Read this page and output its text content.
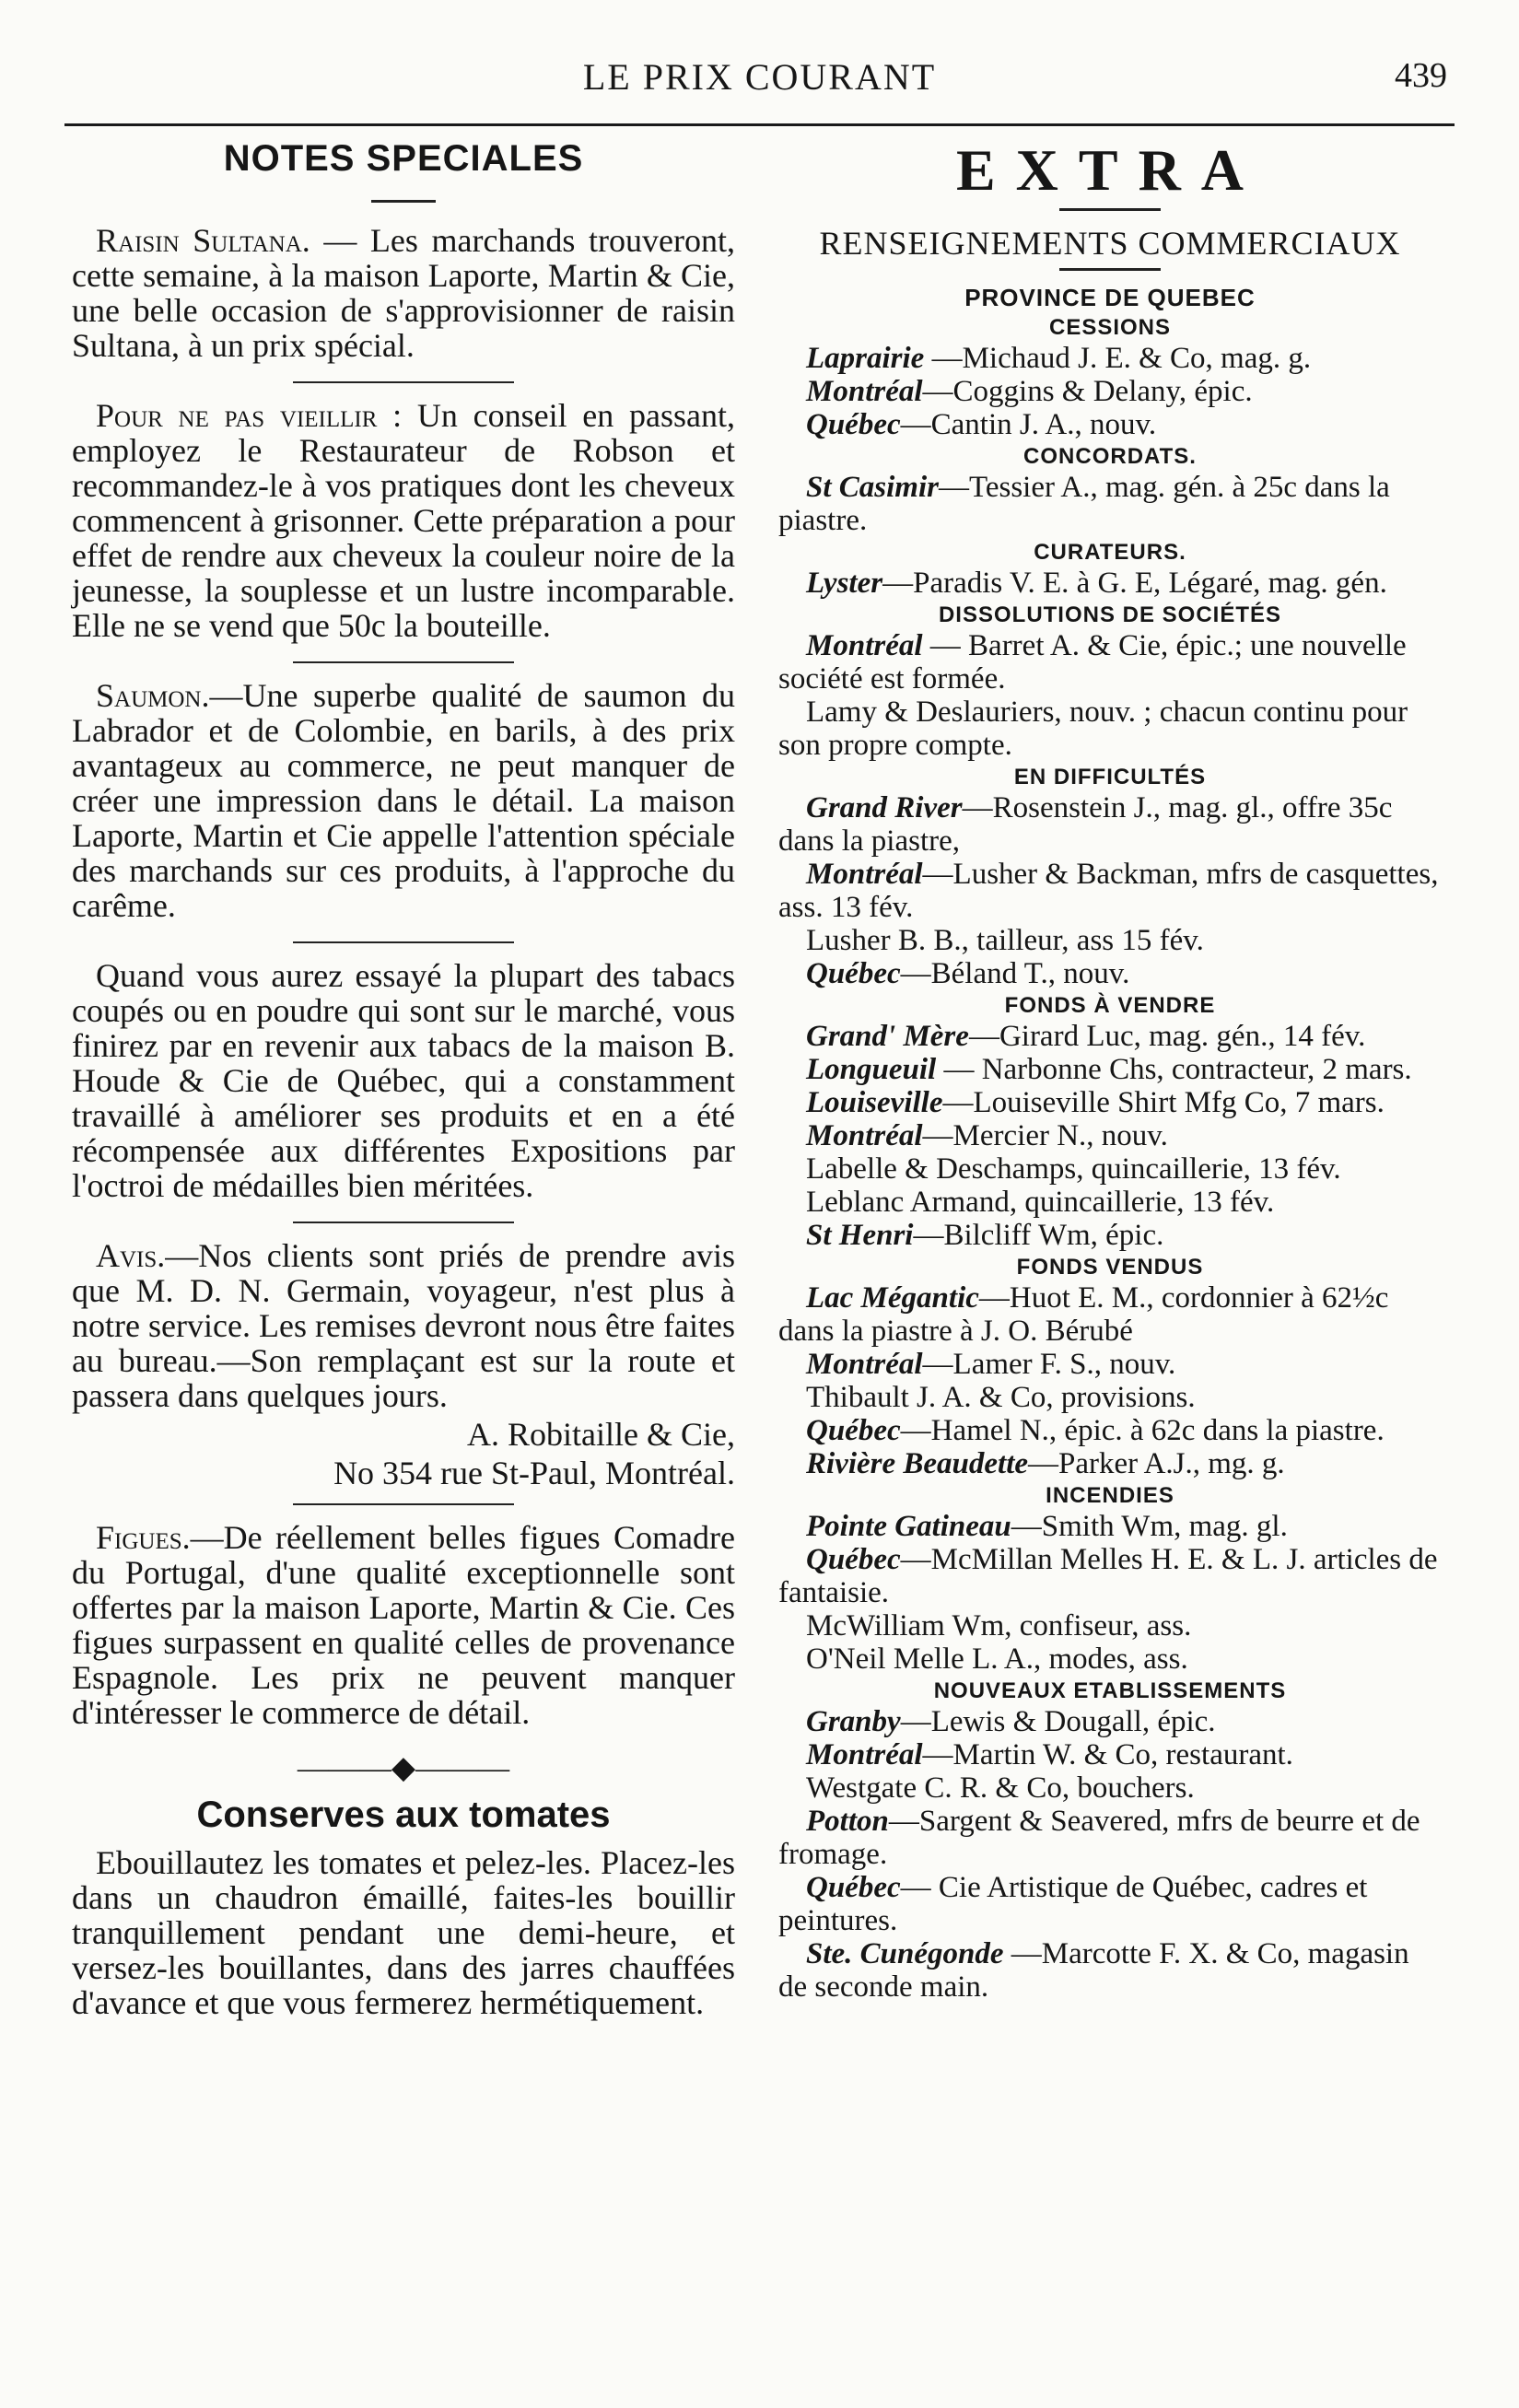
LE PRIX COURANT	439
NOTES SPECIALES

Raisin Sultana. — Les marchands trouveront, cette semaine, à la maison Laporte, Martin & Cie, une belle occasion de s'approvisionner de raisin Sultana, à un prix spécial.

Pour ne pas vieillir : Un conseil en passant, employez le Restaurateur de Robson et recommandez-le à vos pratiques dont les cheveux commencent à grisonner. Cette préparation a pour effet de rendre aux cheveux la couleur noire de la jeunesse, la souplesse et un lustre incomparable. Elle ne se vend que 50c la bouteille.

Saumon.—Une superbe qualité de saumon du Labrador et de Colombie, en barils, à des prix avantageux au commerce, ne peut manquer de créer une impression dans le détail. La maison Laporte, Martin et Cie appelle l'attention spéciale des marchands sur ces produits, à l'approche du carême.

Quand vous aurez essayé la plupart des tabacs coupés ou en poudre qui sont sur le marché, vous finirez par en revenir aux tabacs de la maison B. Houde & Cie de Québec, qui a constamment travaillé à améliorer ses produits et en a été récompensée aux différentes Expositions par l'octroi de médailles bien méritées.

Avis.—Nos clients sont priés de prendre avis que M. D. N. Germain, voyageur, n'est plus à notre service. Les remises devront nous être faites au bureau.—Son remplaçant est sur la route et passera dans quelques jours.

A. Robitaille & Cie,
No 354 rue St-Paul, Montréal.

Figues.—De réellement belles figues Comadre du Portugal, d'une qualité exceptionnelle sont offertes par la maison Laporte, Martin & Cie. Ces figues surpassent en qualité celles de provenance Espagnole. Les prix ne peuvent manquer d'intéresser le commerce de détail.

———◆———
Conserves aux tomates

Ebouillautez les tomates et pelez-les. Placez-les dans un chaudron émaillé, faites-les bouillir tranquillement pendant une demi-heure, et versez-les bouillantes, dans des jarres chauffées d'avance et que vous fermerez hermétiquement.

EXTRA
RENSEIGNEMENTS COMMERCIAUX
PROVINCE DE QUEBEC
CESSIONS

Laprairie —Michaud J. E. & Co, mag. g.

Montréal—Coggins & Delany, épic.

Québec—Cantin J. A., nouv.

CONCORDATS.

St Casimir—Tessier A., mag. gén. à 25c dans la piastre.

CURATEURS.

Lyster—Paradis V. E. à G. E, Légaré, mag. gén.

DISSOLUTIONS DE SOCIÉTÉS

Montréal — Barret A. & Cie, épic.; une nouvelle société est formée.

Lamy & Deslauriers, nouv. ; chacun continu pour son propre compte.

EN DIFFICULTÉS

Grand River—Rosenstein J., mag. gl., offre 35c dans la piastre,

Montréal—Lusher & Backman, mfrs de casquettes, ass. 13 fév.

Lusher B. B., tailleur, ass 15 fév.

Québec—Béland T., nouv.

FONDS À VENDRE

Grand' Mère—Girard Luc, mag. gén., 14 fév.

Longueuil — Narbonne Chs, contracteur, 2 mars.

Louiseville—Louiseville Shirt Mfg Co, 7 mars.

Montréal—Mercier N., nouv.

Labelle & Deschamps, quincaillerie, 13 fév.

Leblanc Armand, quincaillerie, 13 fév.

St Henri—Bilcliff Wm, épic.

FONDS VENDUS

Lac Mégantic—Huot E. M., cordonnier à 62½c dans la piastre à J. O. Bérubé

Montréal—Lamer F. S., nouv.

Thibault J. A. & Co, provisions.

Québec—Hamel N., épic. à 62c dans la piastre.

Rivière Beaudette—Parker A.J., mg. g.

INCENDIES

Pointe Gatineau—Smith Wm, mag. gl.

Québec—McMillan Melles H. E. & L. J. articles de fantaisie.

McWilliam Wm, confiseur, ass.

O'Neil Melle L. A., modes, ass.

NOUVEAUX ETABLISSEMENTS

Granby—Lewis & Dougall, épic.

Montréal—Martin W. & Co, restaurant.

Westgate C. R. & Co, bouchers.

Potton—Sargent & Seavered, mfrs de beurre et de fromage.

Québec— Cie Artistique de Québec, cadres et peintures.

Ste. Cunégonde —Marcotte F. X. & Co, magasin de seconde main.
